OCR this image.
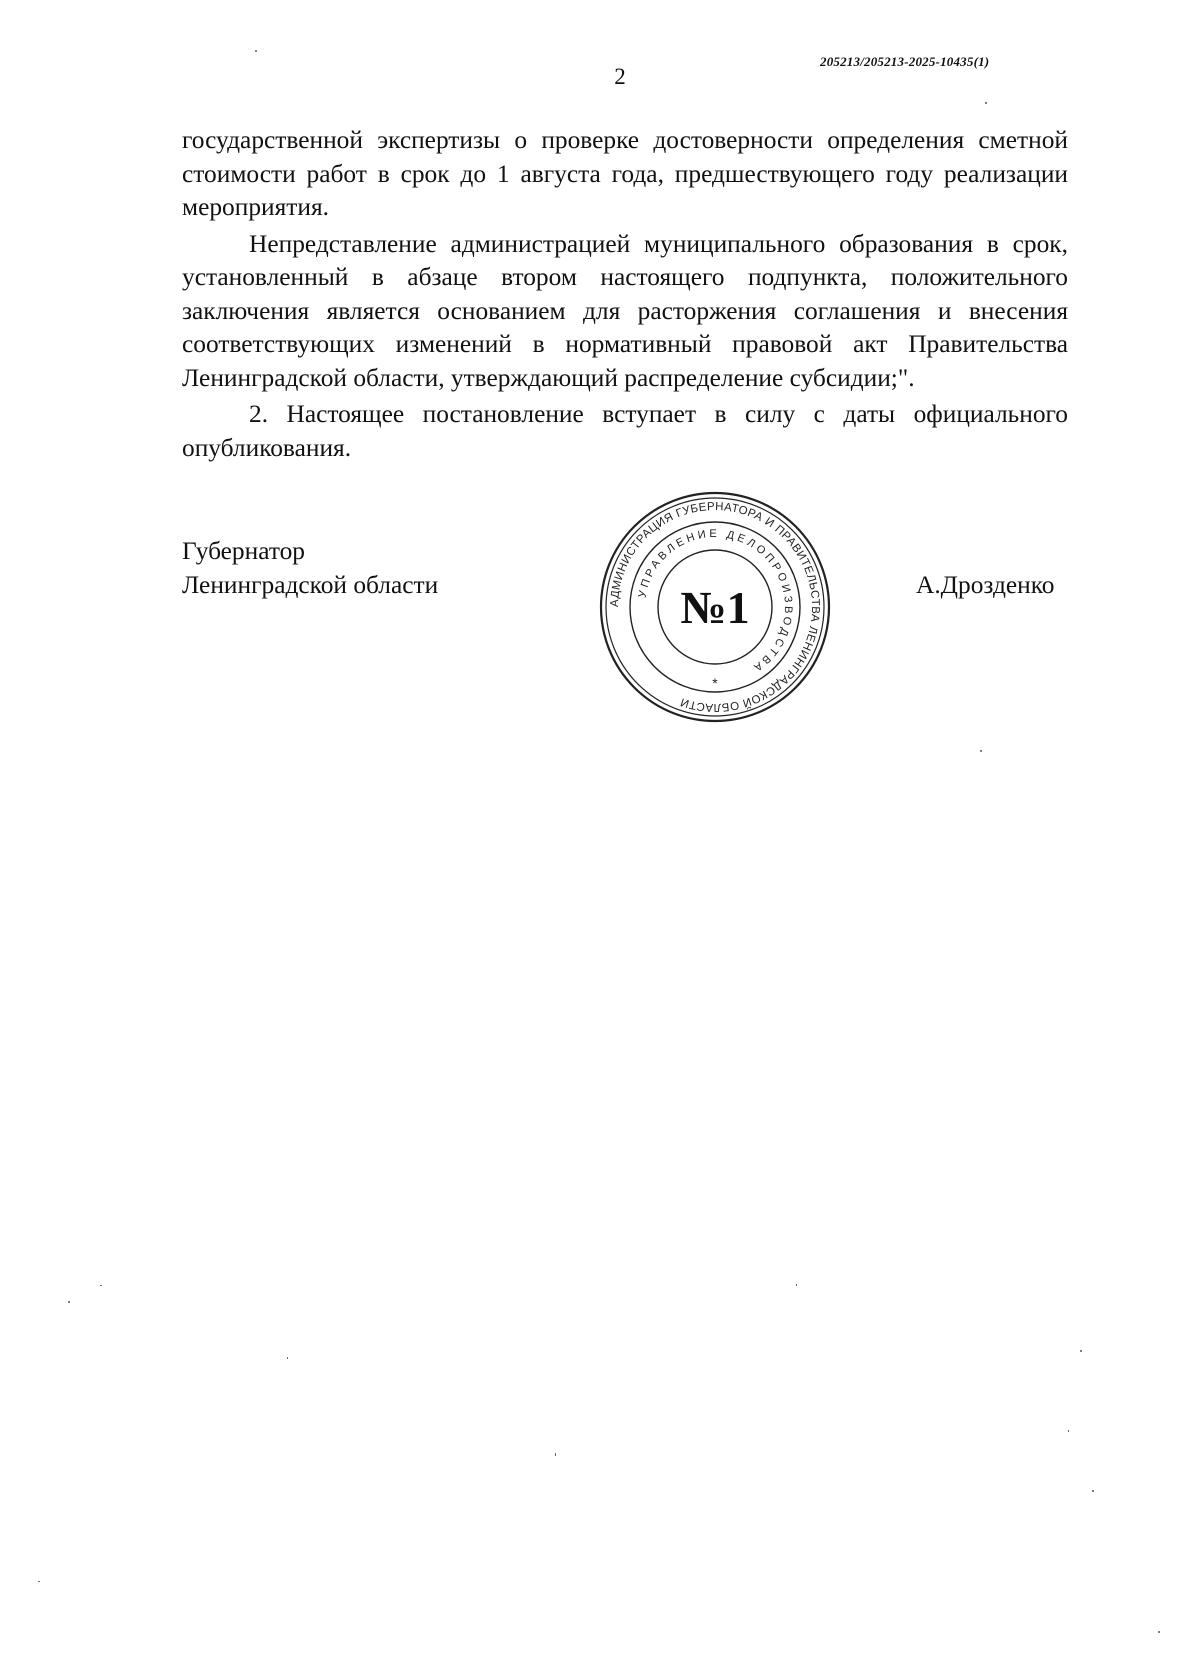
205213/205213-2025-10435(1)
2

государственной экспертизы о проверке достоверности определения сметной стоимости работ в срок до 1 августа года, предшествующего году реализации мероприятия.

Непредставление администрацией муниципального образования в срок, установленный в абзаце втором настоящего подпункта, положительного заключения является основанием для расторжения соглашения и внесения соответствующих изменений в нормативный правовой акт Правительства Ленинградской области, утверждающий распределение субсидии;".

2. Настоящее постановление вступает в силу с даты официального опубликования.

Губернатор
Ленинградской области
АДМИНИСТРАЦИЯ ГУБЕРНАТОРА И ПРАВИТЕЛЬСТВА ЛЕНИНГРАДСКОЙ ОБЛАСТИ
УПРАВЛЕНИЕ ДЕЛОПРОИЗВОДСТВА
№1
*
А.Дрозденко
